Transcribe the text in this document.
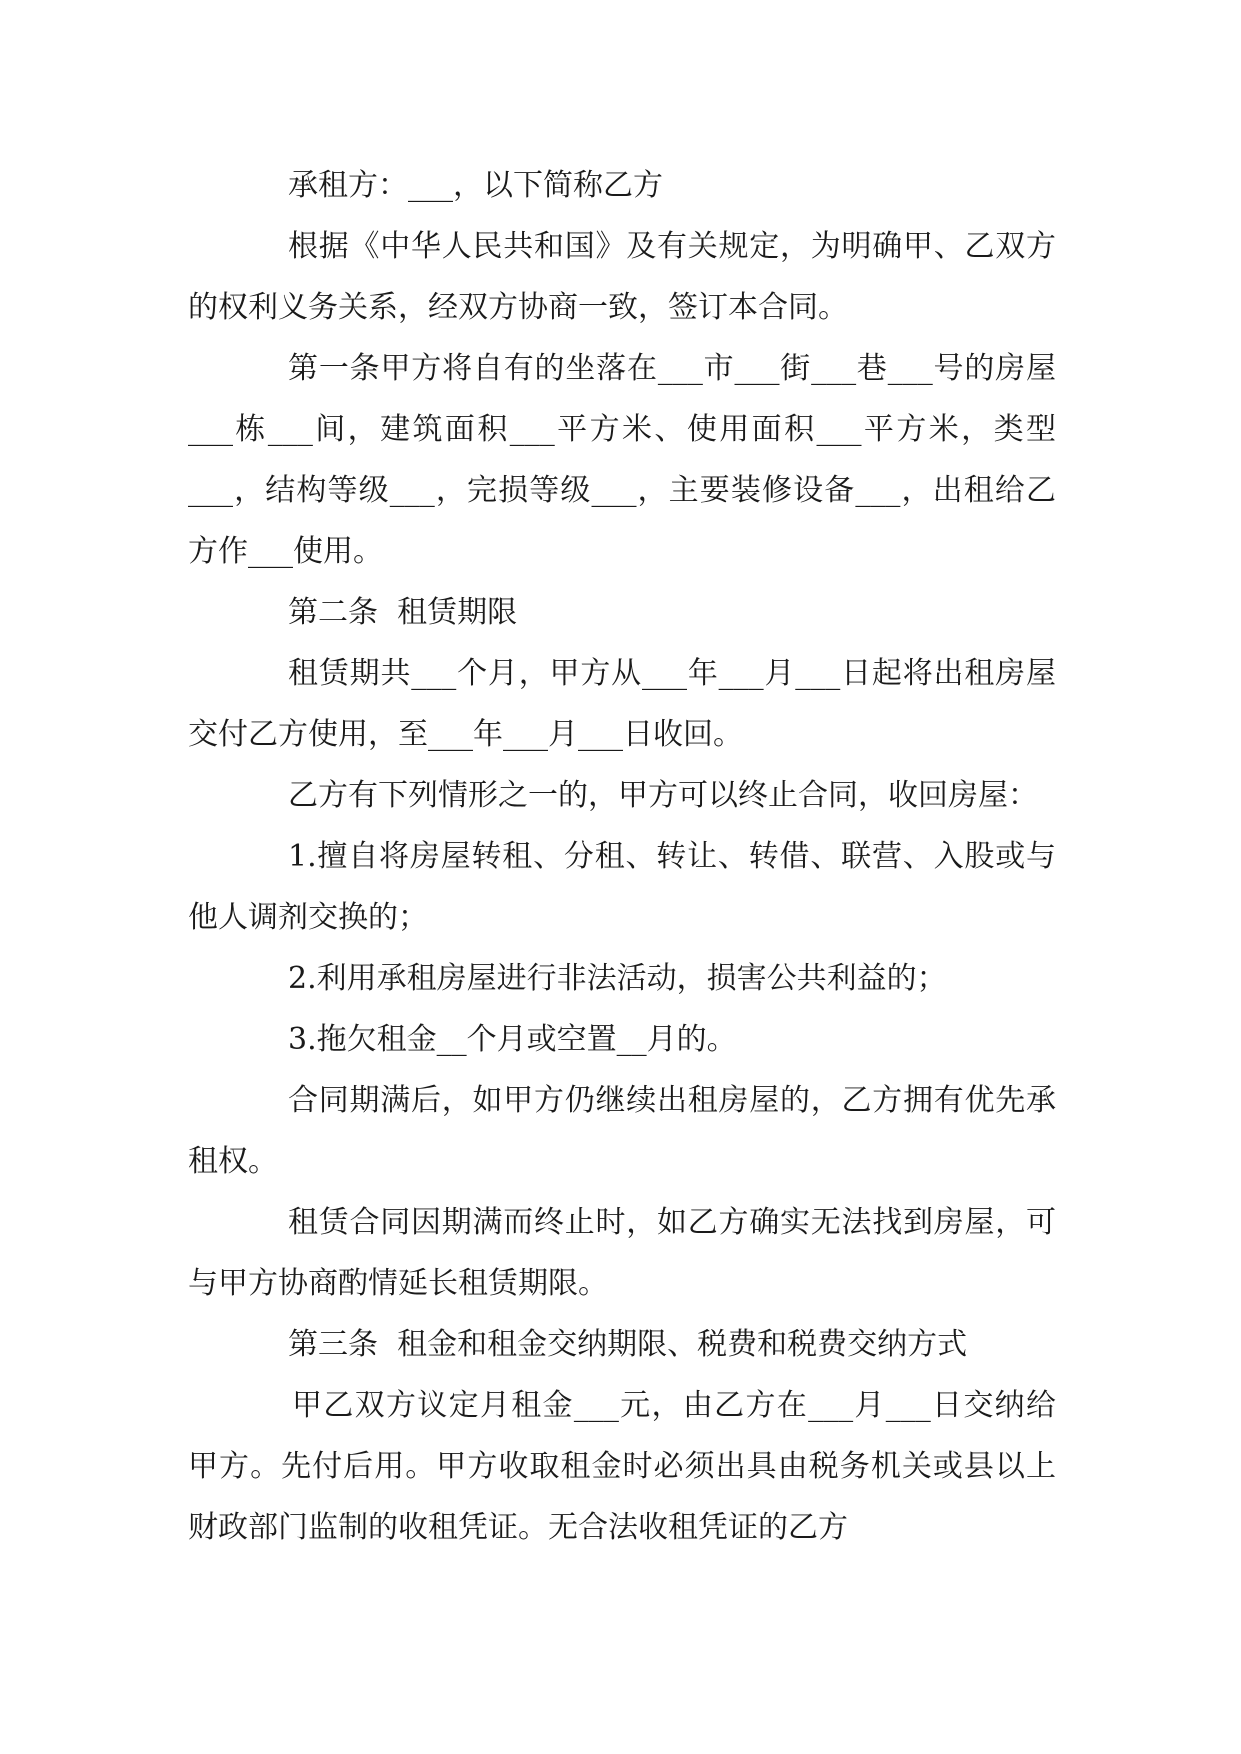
承租方：___，以下简称乙方

根据《中华人民共和国》及有关规定，为明确甲、乙双方的权利义务关系，经双方协商一致，签订本合同。

第一条甲方将自有的坐落在___市___街___巷___号的房屋___栋___间，建筑面积___平方米、使用面积___平方米，类型___，结构等级___，完损等级___，主要装修设备___，出租给乙方作___使用。

第二条  租赁期限

租赁期共___个月，甲方从___年___月___日起将出租房屋交付乙方使用，至___年___月___日收回。

乙方有下列情形之一的，甲方可以终止合同，收回房屋：

1.擅自将房屋转租、分租、转让、转借、联营、入股或与他人调剂交换的；

2.利用承租房屋进行非法活动，损害公共利益的；

3.拖欠租金__个月或空置__月的。

合同期满后，如甲方仍继续出租房屋的，乙方拥有优先承租权。

租赁合同因期满而终止时，如乙方确实无法找到房屋，可与甲方协商酌情延长租赁期限。

第三条  租金和租金交纳期限、税费和税费交纳方式

甲乙双方议定月租金___元，由乙方在___月___日交纳给甲方。先付后用。甲方收取租金时必须出具由税务机关或县以上财政部门监制的收租凭证。无合法收租凭证的乙方
